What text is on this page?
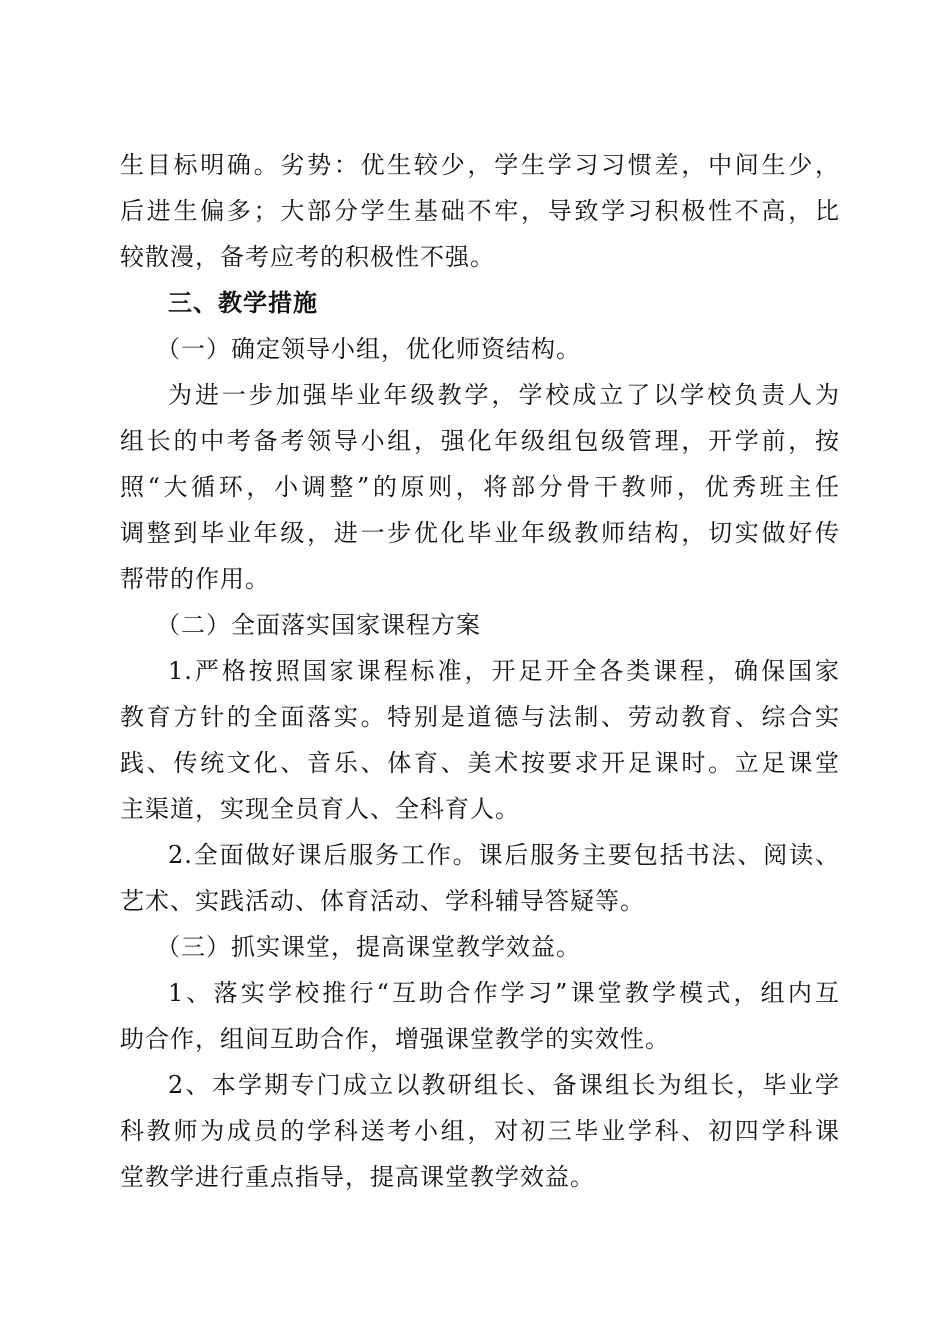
生目标明确。劣势：优生较少，学生学习习惯差，中间生少，
后进生偏多；大部分学生基础不牢，导致学习积极性不高，比
较散漫，备考应考的积极性不强。

三、教学措施

（一）确定领导小组，优化师资结构。

为进一步加强毕业年级教学，学校成立了以学校负责人为
组长的中考备考领导小组，强化年级组包级管理，开学前，按
照“大循环，小调整”的原则，将部分骨干教师，优秀班主任
调整到毕业年级，进一步优化毕业年级教师结构，切实做好传
帮带的作用。

（二）全面落实国家课程方案

1.严格按照国家课程标准，开足开全各类课程，确保国家
教育方针的全面落实。特别是道德与法制、劳动教育、综合实
践、传统文化、音乐、体育、美术按要求开足课时。立足课堂
主渠道，实现全员育人、全科育人。

2.全面做好课后服务工作。课后服务主要包括书法、阅读、
艺术、实践活动、体育活动、学科辅导答疑等。

（三）抓实课堂，提高课堂教学效益。

1、落实学校推行“互助合作学习”课堂教学模式，组内互
助合作，组间互助合作，增强课堂教学的实效性。

2、本学期专门成立以教研组长、备课组长为组长，毕业学
科教师为成员的学科送考小组，对初三毕业学科、初四学科课
堂教学进行重点指导，提高课堂教学效益。
